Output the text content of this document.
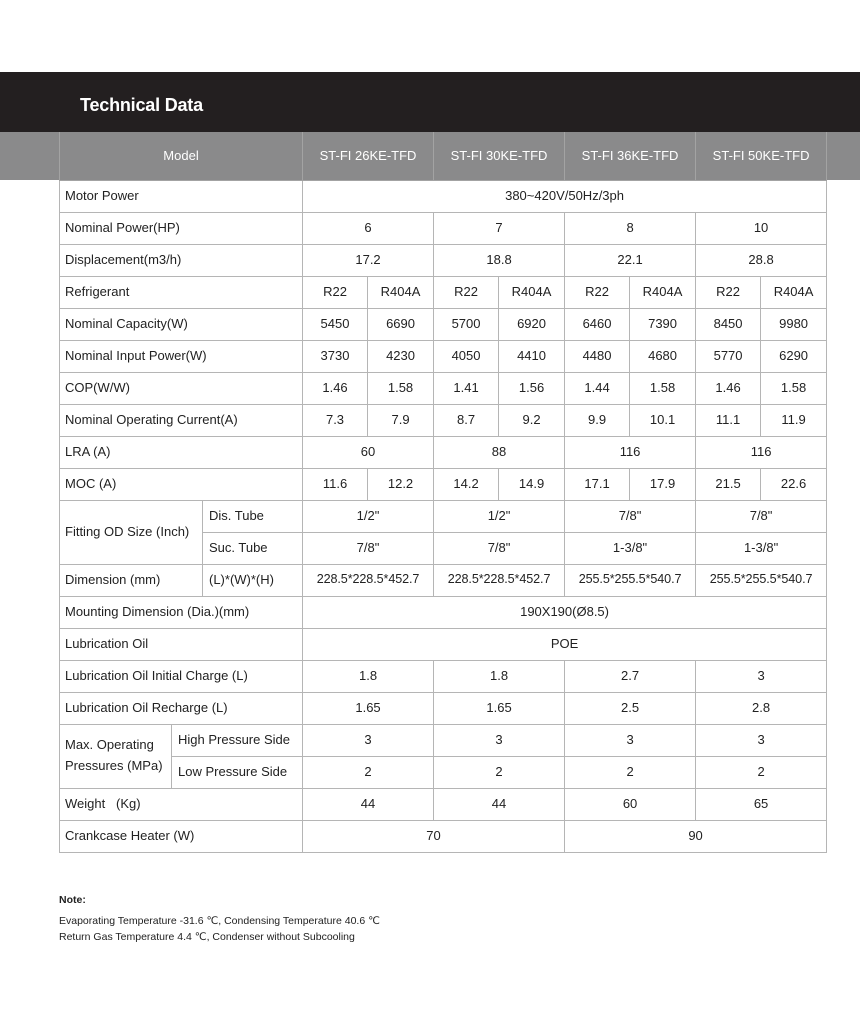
Technical Data
Model			ST-FI 26KE-TFD		ST-FI 30KE-TFD		ST-FI 36KE-TFD		ST-FI 50KE-TFD	
Motor Power			380~420V/50Hz/3ph							
Nominal Power(HP)			6		7		8		10	
Displacement(m3/h)			17.2		18.8		22.1		28.8	
Refrigerant			R22	R404A	R22	R404A	R22	R404A	R22	R404A
Nominal Capacity(W)			5450	6690	5700	6920	6460	7390	8450	9980
Nominal Input Power(W)			3730	4230	4050	4410	4480	4680	5770	6290
COP(W/W)			1.46	1.58	1.41	1.56	1.44	1.58	1.46	1.58
Nominal Operating Current(A)			7.3	7.9	8.7	9.2	9.9	10.1	11.1	11.9
LRA (A)			60		88		116		116	
MOC (A)			11.6	12.2	14.2	14.9	17.1	17.9	21.5	22.6
Fitting OD Size (Inch)		Dis. Tube	1/2"		1/2"		7/8"		7/8"	
		Suc. Tube	7/8"		7/8"		1-3/8"		1-3/8"	
Dimension (mm)		(L)*(W)*(H)	228.5*228.5*452.7		228.5*228.5*452.7		255.5*255.5*540.7		255.5*255.5*540.7	
Mounting Dimension (Dia.)(mm)			190X190(Ø8.5)							
Lubrication Oil			POE							
Lubrication Oil Initial Charge (L)			1.8		1.8		2.7		3	
Lubrication Oil Recharge (L)			1.65		1.65		2.5		2.8	
Max. Operating Pressures (MPa)	High Pressure Side		3		3		3		3	
	Low Pressure Side		2		2		2		2	
Weight   (Kg)			44		44		60		65	
Crankcase Heater (W)			70				90			
Note:
Evaporating Temperature -31.6 ℃, Condensing Temperature 40.6 ℃
Return Gas Temperature 4.4 ℃, Condenser without Subcooling
